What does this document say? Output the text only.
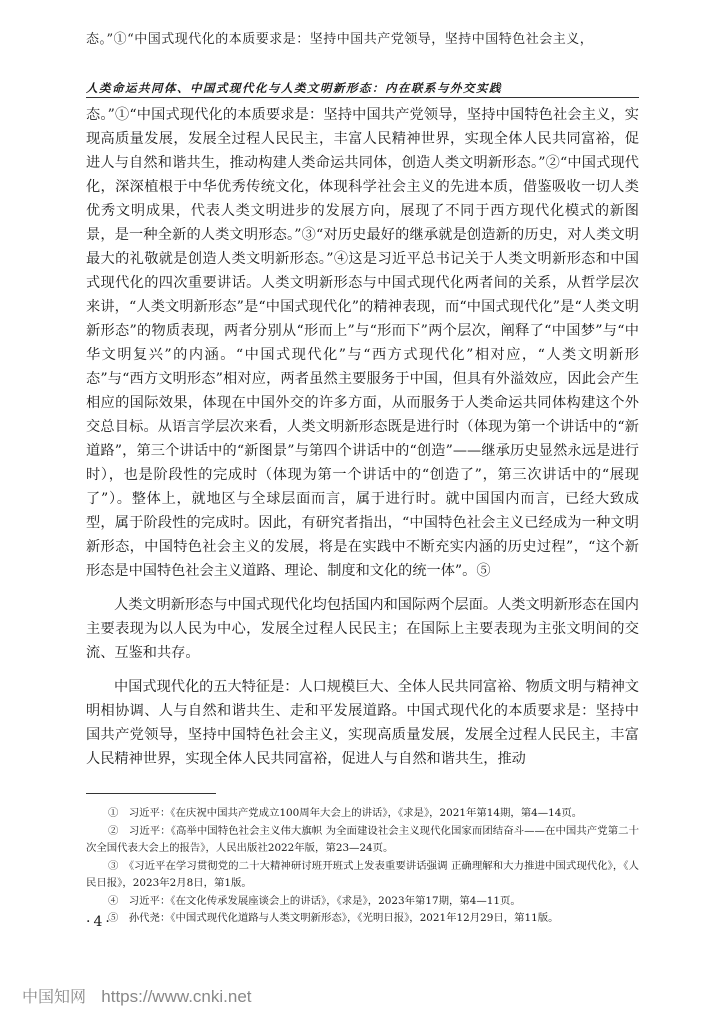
态。”①“中国式现代化的本质要求是：坚持中国共产党领导，坚持中国特色社会主义，
人类命运共同体、中国式现代化与人类文明新形态：内在联系与外交实践

态。”①“中国式现代化的本质要求是：坚持中国共产党领导，坚持中国特色社会主义，实现高质量发展，发展全过程人民民主，丰富人民精神世界，实现全体人民共同富裕，促进人与自然和谐共生，推动构建人类命运共同体，创造人类文明新形态。”②“中国式现代化，深深植根于中华优秀传统文化，体现科学社会主义的先进本质，借鉴吸收一切人类优秀文明成果，代表人类文明进步的发展方向，展现了不同于西方现代化模式的新图景，是一种全新的人类文明形态。”③“对历史最好的继承就是创造新的历史，对人类文明最大的礼敬就是创造人类文明新形态。”④这是习近平总书记关于人类文明新形态和中国式现代化的四次重要讲话。人类文明新形态与中国式现代化两者间的关系，从哲学层次来讲，“人类文明新形态”是“中国式现代化”的精神表现，而“中国式现代化”是“人类文明新形态”的物质表现，两者分别从“形而上”与“形而下”两个层次，阐释了“中国梦”与“中华文明复兴”的内涵。“中国式现代化”与“西方式现代化”相对应，“人类文明新形态”与“西方文明形态”相对应，两者虽然主要服务于中国，但具有外溢效应，因此会产生相应的国际效果，体现在中国外交的许多方面，从而服务于人类命运共同体构建这个外交总目标。从语言学层次来看，人类文明新形态既是进行时（体现为第一个讲话中的“新道路”，第三个讲话中的“新图景”与第四个讲话中的“创造”——继承历史显然永远是进行时），也是阶段性的完成时（体现为第一个讲话中的“创造了”，第三次讲话中的“展现了”）。整体上，就地区与全球层面而言，属于进行时。就中国国内而言，已经大致成型，属于阶段性的完成时。因此，有研究者指出，“中国特色社会主义已经成为一种文明新形态，中国特色社会主义的发展，将是在实践中不断充实内涵的历史过程”，“这个新形态是中国特色社会主义道路、理论、制度和文化的统一体”。⑤

人类文明新形态与中国式现代化均包括国内和国际两个层面。人类文明新形态在国内主要表现为以人民为中心，发展全过程人民民主；在国际上主要表现为主张文明间的交流、互鉴和共存。

中国式现代化的五大特征是：人口规模巨大、全体人民共同富裕、物质文明与精神文明相协调、人与自然和谐共生、走和平发展道路。中国式现代化的本质要求是：坚持中国共产党领导，坚持中国特色社会主义，实现高质量发展，发展全过程人民民主，丰富人民精神世界，实现全体人民共同富裕，促进人与自然和谐共生，推动

①　习近平：《在庆祝中国共产党成立100周年大会上的讲话》，《求是》，2021年第14期，第4—14页。

②　习近平：《高举中国特色社会主义伟大旗帜 为全面建设社会主义现代化国家而团结奋斗——在中国共产党第二十次全国代表大会上的报告》，人民出版社2022年版，第23—24页。

③　《习近平在学习贯彻党的二十大精神研讨班开班式上发表重要讲话强调 正确理解和大力推进中国式现代化》，《人民日报》，2023年2月8日，第1版。

④　习近平：《在文化传承发展座谈会上的讲话》，《求是》，2023年第17期，第4—11页。

⑤　孙代尧：《中国式现代化道路与人类文明新形态》，《光明日报》，2021年12月29日，第11版。

·4·
中国知网 https://www.cnki.net
